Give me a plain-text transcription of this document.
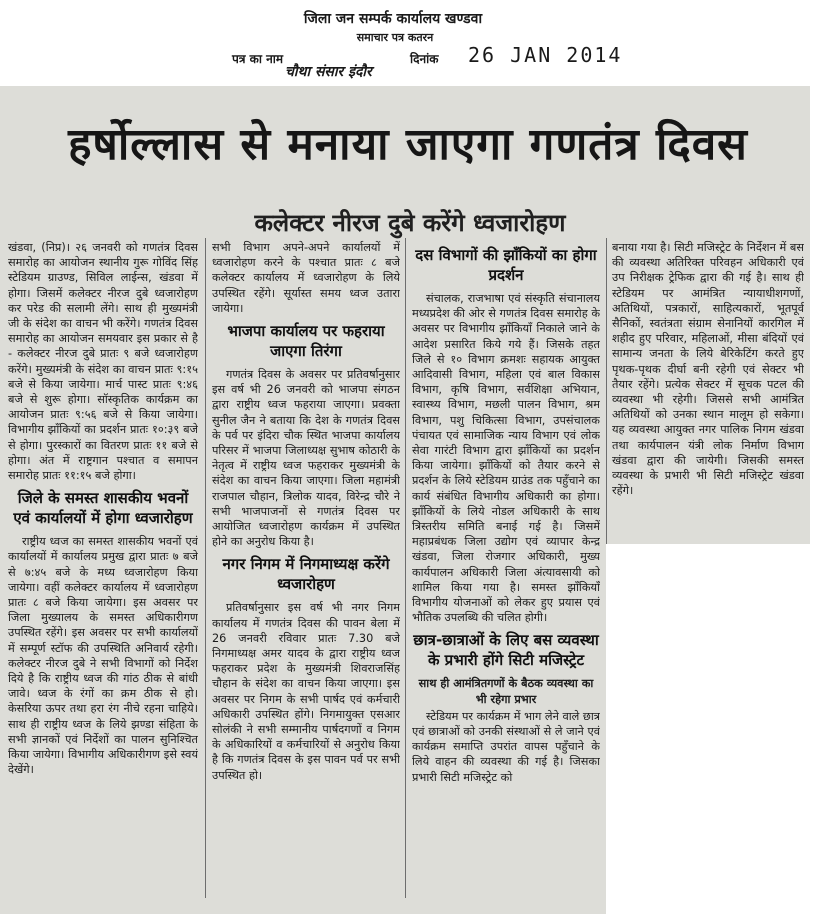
जिला जन सम्पर्क कार्यालय खण्डवा
समाचार पत्र कतरन
पत्र का नाम
चौथा संसार इंदौर
दिनांक 26 JAN 2014
हर्षोल्लास से मनाया जाएगा गणतंत्र दिवस
कलेक्टर नीरज दुबे करेंगे ध्वजारोहण

खंडवा, (निप्र)। २६ जनवरी को गणतंत्र दिवस समारोह का आयोजन स्थानीय गुरू गोविंद सिंह स्टेडियम ग्राउण्ड, सिविल लाईन्स, खंडवा में होगा। जिसमें कलेक्टर नीरज दुबे ध्वजारोहण कर परेड की सलामी लेंगे। साथ ही मुख्यमंत्री जी के संदेश का वाचन भी करेंगे। गणतंत्र दिवस समारोह का आयोजन समयवार इस प्रकार से है - कलेक्टर नीरज दुबे प्रातः ९ बजे ध्वजारोहण करेंगे। मुख्यमंत्री के संदेश का वाचन प्रातः ९:१५ बजे से किया जायेगा। मार्च पास्ट प्रातः ९:४६ बजे से शुरू होगा। सॉस्कृतिक कार्यक्रम का आयोजन प्रातः ९:५६ बजे से किया जायेगा। विभागीय झाँकियों का प्रदर्शन प्रातः १०:३९ बजे से होगा। पुरस्कारों का वितरण प्रातः ११ बजे से होगा। अंत में राष्ट्रगान पश्चात व समापन समारोह प्रातः ११:१५ बजे होगा।

जिले के समस्त शासकीय भवनों एवं कार्यालयों में होगा ध्वजारोहण

राष्ट्रीय ध्वज का समस्त शासकीय भवनों एवं कार्यालयों में कार्यालय प्रमुख द्वारा प्रातः ७ बजे से ७:४५ बजे के मध्य ध्वजारोहण किया जायेगा। वहीं कलेक्टर कार्यालय में ध्वजारोहण प्रातः ८ बजे किया जायेगा। इस अवसर पर जिला मुख्यालय के समस्त अधिकारीगण उपस्थित रहेंगे। इस अवसर पर सभी कार्यालयों में सम्पूर्ण स्टॉफ की उपस्थिति अनिवार्य रहेगी। कलेक्टर नीरज दुबे ने सभी विभागों को निर्देश दिये है कि राष्ट्रीय ध्वज की गांठ ठीक से बांधी जावे। ध्वज के रंगों का क्रम ठीक से हो। केसरिया ऊपर तथा हरा रंग नीचे रहना चाहिये। साथ ही राष्ट्रीय ध्वज के लिये झण्डा संहिता के सभी ज्ञानकों एवं निर्देशों का पालन सुनिश्चित किया जायेगा। विभागीय अधिकारीगण इसे स्वयं देखेंगे।

सभी विभाग अपने-अपने कार्यालयों में ध्वजारोहण करने के पश्चात प्रातः ८ बजे कलेक्टर कार्यालय में ध्वजारोहण के लिये उपस्थित रहेंगे। सूर्यास्त समय ध्वज उतारा जायेगा।

भाजपा कार्यालय पर फहराया जाएगा तिरंगा

गणतंत्र दिवस के अवसर पर प्रतिवर्षानुसार इस वर्ष भी 26 जनवरी को भाजपा संगठन द्वारा राष्ट्रीय ध्वज फहराया जाएगा। प्रवक्ता सुनील जैन ने बताया कि देश के गणतंत्र दिवस के पर्व पर इंदिरा चौक स्थित भाजपा कार्यालय परिसर में भाजपा जिलाध्यक्ष सुभाष कोठारी के नेतृत्व में राष्ट्रीय ध्वज फहराकर मुख्यमंत्री के संदेश का वाचन किया जाएगा। जिला महामंत्री राजपाल चौहान, त्रिलोक यादव, विरेन्द्र चौरे ने सभी भाजपाजनों से गणतंत्र दिवस पर आयोजित ध्वजारोहण कार्यक्रम में उपस्थित होने का अनुरोध किया है।

नगर निगम में निगमाध्यक्ष करेंगे ध्वजारोहण

प्रतिवर्षानुसार इस वर्ष भी नगर निगम कार्यालय में गणतंत्र दिवस की पावन बेला में 26 जनवरी रविवार प्रातः 7.30 बजे निगमाध्यक्ष अमर यादव के द्वारा राष्ट्रीय ध्वज फहराकर प्रदेश के मुख्यमंत्री शिवराजसिंह चौहान के संदेश का वाचन किया जाएगा। इस अवसर पर निगम के सभी पार्षद एवं कर्मचारी अधिकारी उपस्थित होंगे। निगमायुक्त एसआर सोलंकी ने सभी सम्मानीय पार्षदगणों व निगम के अधिकारियों व कर्मचारियों से अनुरोध किया है कि गणतंत्र दिवस के इस पावन पर्व पर सभी उपस्थित हो।

दस विभागों की झाँकियों का होगा प्रदर्शन

संचालक, राजभाषा एवं संस्कृति संचानालय मध्यप्रदेश की ओर से गणतंत्र दिवस समारोह के अवसर पर विभागीय झाँकियाँ निकाले जाने के आदेश प्रसारित किये गये हैं। जिसके तहत जिले से १० विभाग क्रमशः सहायक आयुक्त आदिवासी विभाग, महिला एवं बाल विकास विभाग, कृषि विभाग, सर्वशिक्षा अभियान, स्वास्थ्य विभाग, मछली पालन विभाग, श्रम विभाग, पशु चिकित्सा विभाग, उपसंचालक पंचायत एवं सामाजिक न्याय विभाग एवं लोक सेवा गारंटी विभाग द्वारा झाँकियों का प्रदर्शन किया जायेगा। झाँकियों को तैयार करने से प्रदर्शन के लिये स्टेडियम ग्राउंड तक पहुँचाने का कार्य संबंधित विभागीय अधिकारी का होगा। झाँकियों के लिये नोडल अधिकारी के साथ त्रिस्तरीय समिति बनाई गई है। जिसमें महाप्रबंधक जिला उद्योग एवं व्यापार केन्द्र खंडवा, जिला रोजगार अधिकारी, मुख्य कार्यपालन अधिकारी जिला अंत्यावसायी को शामिल किया गया है। समस्त झाँकियाँ विभागीय योजनाओं को लेकर हुए प्रयास एवं भौतिक उपलब्धि की चलित होगी।

छात्र-छात्राओं के लिए बस व्यवस्था के प्रभारी होंगे सिटी मजिस्ट्रेट

साथ ही आमंत्रितगणों के बैठक व्यवस्था का भी रहेगा प्रभार

स्टेडियम पर कार्यक्रम में भाग लेने वाले छात्र एवं छात्राओं को उनकी संस्थाओं से ले जाने एवं कार्यक्रम समाप्ति उपरांत वापस पहुँचाने के लिये वाहन की व्यवस्था की गई है। जिसका प्रभारी सिटी मजिस्ट्रेट को

बनाया गया है। सिटी मजिस्ट्रेट के निर्देशन में बस की व्यवस्था अतिरिक्त परिवहन अधिकारी एवं उप निरीक्षक ट्रेफिक द्वारा की गई है। साथ ही स्टेडियम पर आमंत्रित न्यायाधीशगणों, अतिथियों, पत्रकारों, साहित्यकारों, भूतपूर्व सैनिकों, स्वतंत्रता संग्राम सेनानियों कारगिल में शहीद हुए परिवार, महिलाओं, मीसा बंदियों एवं सामान्य जनता के लिये बेरिकेटिंग करते हुए पृथक-पृथक दीर्घा बनी रहेगी एवं सेक्टर भी तैयार रहेंगे। प्रत्येक सेक्टर में सूचक पटल की व्यवस्था भी रहेगी। जिससे सभी आमंत्रित अतिथियों को उनका स्थान मालूम हो सकेगा। यह व्यवस्था आयुक्त नगर पालिक निगम खंडवा तथा कार्यपालन यंत्री लोक निर्माण विभाग खंडवा द्वारा की जायेगी। जिसकी समस्त व्यवस्था के प्रभारी भी सिटी मजिस्ट्रेट खंडवा रहेंगे।
